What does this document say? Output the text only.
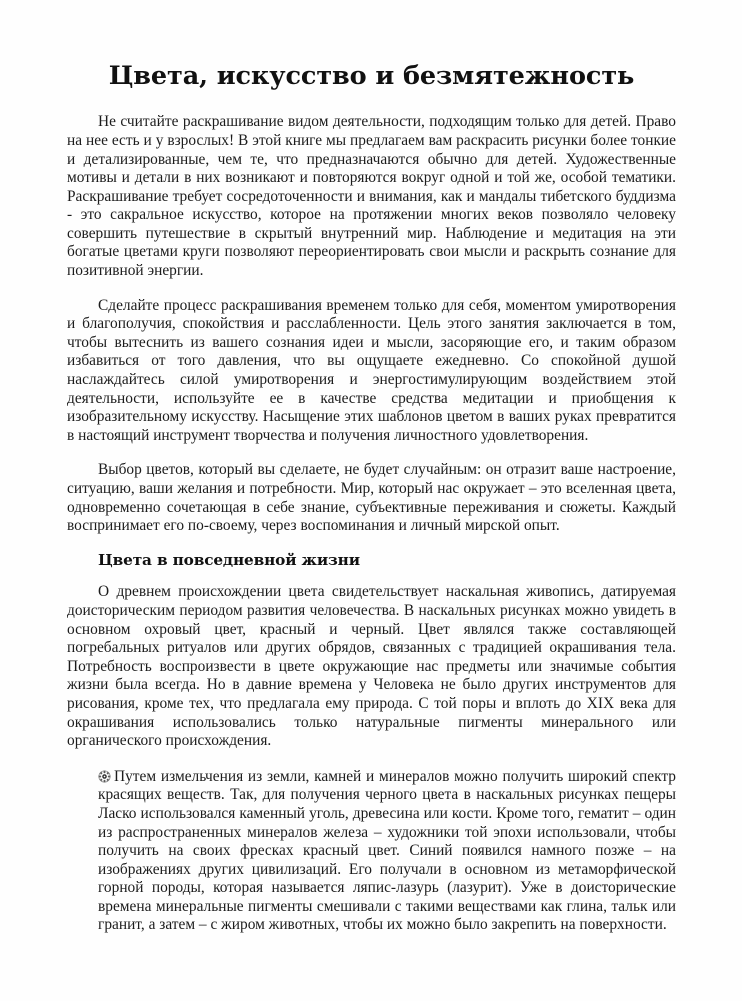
Цвета, искусство и безмятежность

Не считайте раскрашивание видом деятельности, подходящим только для детей. Право на нее есть и у взрослых! В этой книге мы предлагаем вам раскрасить рисунки более тонкие и детализированные, чем те, что предназначаются обычно для детей. Художественные мотивы и детали в них возникают и повторяются вокруг одной и той же, особой тематики. Раскрашивание требует сосредоточенности и внимания, как и мандалы тибетского буддизма - это сакральное искусство, которое на протяжении многих веков позволяло человеку совершить путешествие в скрытый внутренний мир. Наблюдение и медитация на эти богатые цветами круги позволяют переориентировать свои мысли и раскрыть сознание для позитивной энергии.

Сделайте процесс раскрашивания временем только для себя, моментом умиротворения и благополучия, спокойствия и расслабленности. Цель этого занятия заключается в том, чтобы вытеснить из вашего сознания идеи и мысли, засоряющие его, и таким образом избавиться от того давления, что вы ощущаете ежедневно. Со спокойной душой наслаждайтесь силой умиротворения и энергостимулирующим воздействием этой деятельности, используйте ее в качестве средства медитации и приобщения к изобразительному искусству. Насыщение этих шаблонов цветом в ваших руках превратится в настоящий инструмент творчества и получения личностного удовлетворения.

Выбор цветов, который вы сделаете, не будет случайным: он отразит ваше настроение, ситуацию, ваши желания и потребности. Мир, который нас окружает – это вселенная цвета, одновременно сочетающая в себе знание, субъективные переживания и сюжеты. Каждый воспринимает его по-своему, через воспоминания и личный мирской опыт.

Цвета в повседневной жизни

О древнем происхождении цвета свидетельствует наскальная живопись, датируемая доисторическим периодом развития человечества. В наскальных рисунках можно увидеть в основном охровый цвет, красный и черный. Цвет являлся также составляющей погребальных ритуалов или других обрядов, связанных с традицией окрашивания тела. Потребность воспроизвести в цвете окружающие нас предметы или значимые события жизни была всегда. Но в давние времена у Человека не было других инструментов для рисования, кроме тех, что предлагала ему природа. С той поры и вплоть до XIX века для окрашивания использовались только натуральные пигменты минерального или органического происхождения.

Путем измельчения из земли, камней и минералов можно получить широкий спектр красящих веществ. Так, для получения черного цвета в наскальных рисунках пещеры Ласко использовался каменный уголь, древесина или кости. Кроме того, гематит – один из распространенных минералов железа – художники той эпохи использовали, чтобы получить на своих фресках красный цвет. Синий появился намного позже – на изображениях других цивилизаций. Его получали в основном из метаморфической горной породы, которая называется ляпис-лазурь (лазурит). Уже в доисторические времена минеральные пигменты смешивали с такими веществами как глина, тальк или гранит, а затем – с жиром животных, чтобы их можно было закрепить на поверхности.
